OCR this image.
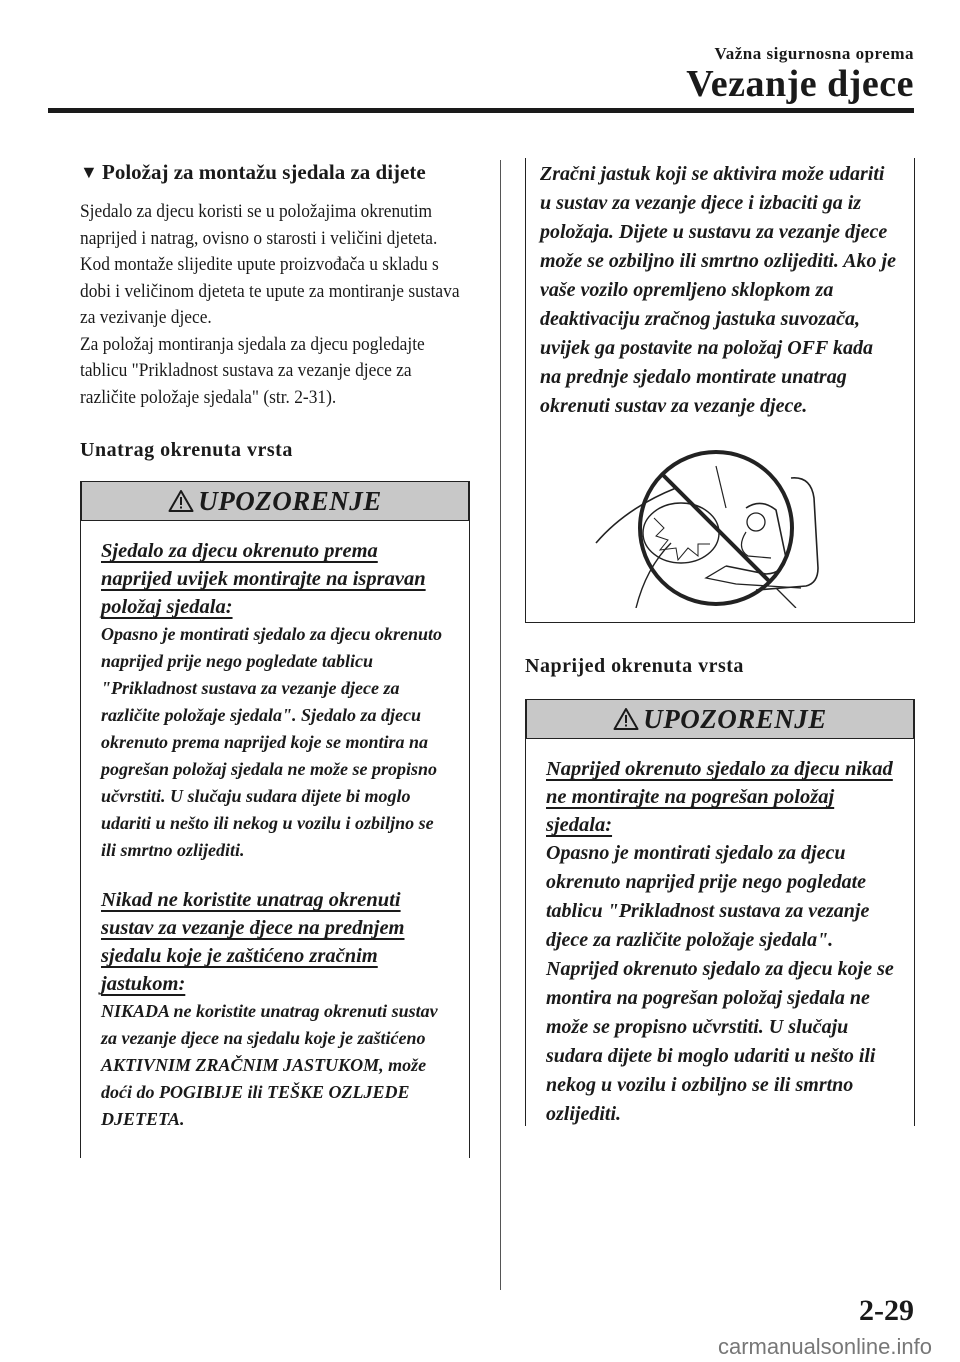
Važna sigurnosna oprema
Vezanje djece
▼ Položaj za montažu sjedala za dijete

Sjedalo za djecu koristi se u položajima okrenutim naprijed i natrag, ovisno o starosti i veličini djeteta. Kod montaže slijedite upute proizvođača u skladu s dobi i veličinom djeteta te upute za montiranje sustava za vezivanje djece.

Za položaj montiranja sjedala za djecu pogledajte tablicu "Prikladnost sustava za vezanje djece za različite položaje sjedala" (str. 2-31).

Unatrag okrenuta vrsta
UPOZORENJE
Sjedalo za djecu okrenuto prema naprijed uvijek montirajte na ispravan položaj sjedala:
Opasno je montirati sjedalo za djecu okrenuto naprijed prije nego pogledate tablicu "Prikladnost sustava za vezanje djece za različite položaje sjedala". Sjedalo za djecu okrenuto prema naprijed koje se montira na pogrešan položaj sjedala ne može se propisno učvrstiti. U slučaju sudara dijete bi moglo udariti u nešto ili nekog u vozilu i ozbiljno se ili smrtno ozlijediti.
Nikad ne koristite unatrag okrenuti sustav za vezanje djece na prednjem sjedalu koje je zaštićeno zračnim jastukom:
NIKADA ne koristite unatrag okrenuti sustav za vezanje djece na sjedalu koje je zaštićeno AKTIVNIM ZRAČNIM JASTUKOM, može doći do POGIBIJE ili TEŠKE OZLJEDE DJETETA.
Zračni jastuk koji se aktivira može udariti u sustav za vezanje djece i izbaciti ga iz položaja. Dijete u sustavu za vezanje djece može se ozbiljno ili smrtno ozlijediti. Ako je vaše vozilo opremljeno sklopkom za deaktivaciju zračnog jastuka suvozača, uvijek ga postavite na položaj OFF kada na prednje sjedalo montirate unatrag okrenuti sustav za vezanje djece.
Naprijed okrenuta vrsta
UPOZORENJE
Naprijed okrenuto sjedalo za djecu nikad ne montirajte na pogrešan položaj sjedala:
Opasno je montirati sjedalo za djecu okrenuto naprijed prije nego pogledate tablicu "Prikladnost sustava za vezanje djece za različite položaje sjedala". Naprijed okrenuto sjedalo za djecu koje se montira na pogrešan položaj sjedala ne može se propisno učvrstiti. U slučaju sudara dijete bi moglo udariti u nešto ili nekog u vozilu i ozbiljno se ili smrtno ozlijediti.
2-29
carmanualsonline.info
